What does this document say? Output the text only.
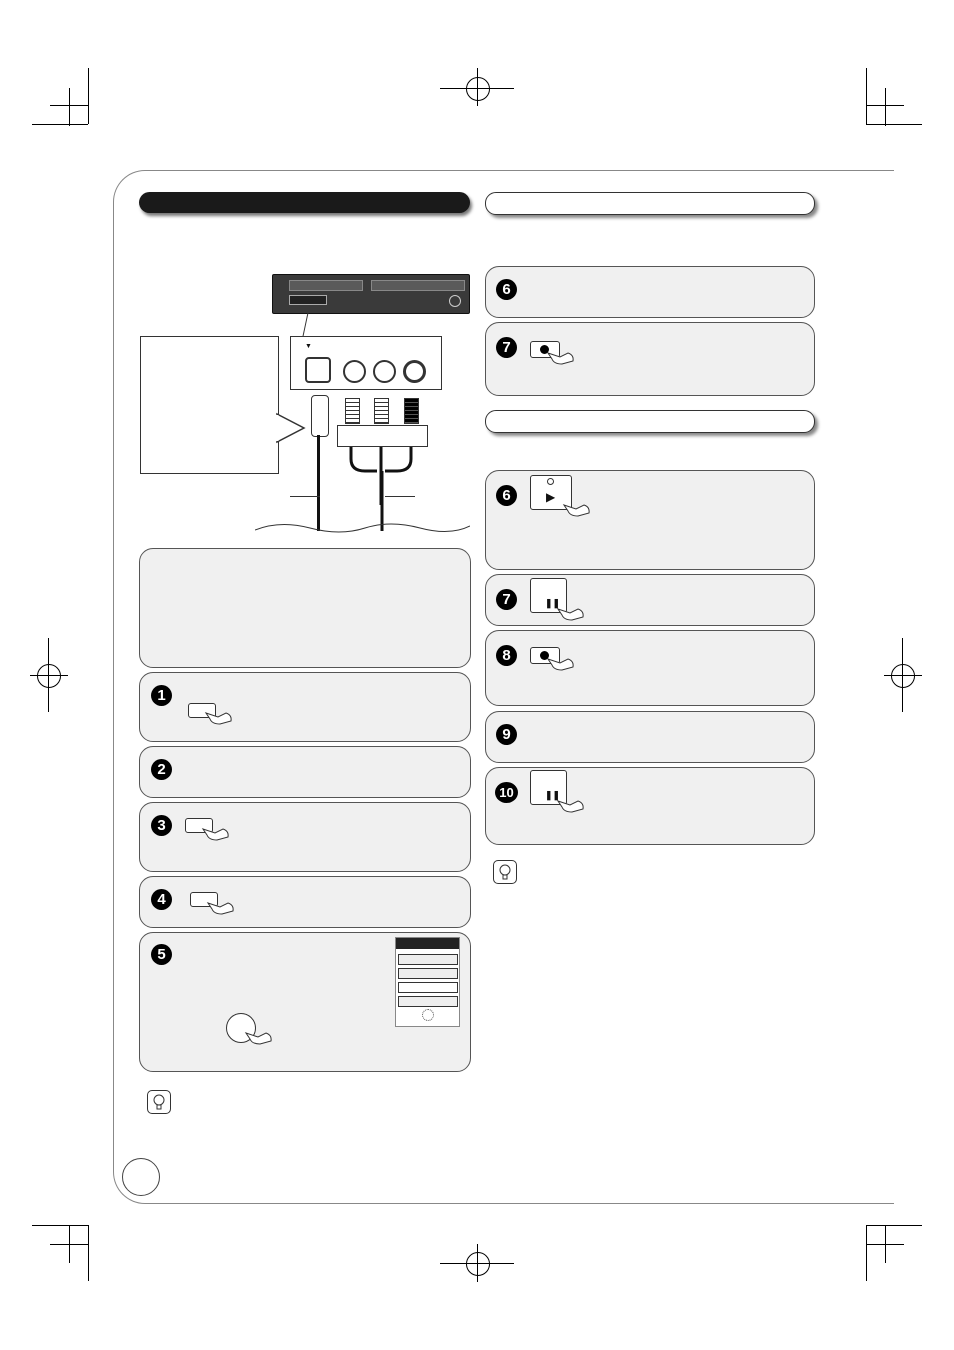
▼
1
2
3
4
5
6
7
6	▶
7	❚❚
8
9
10	❚❚
